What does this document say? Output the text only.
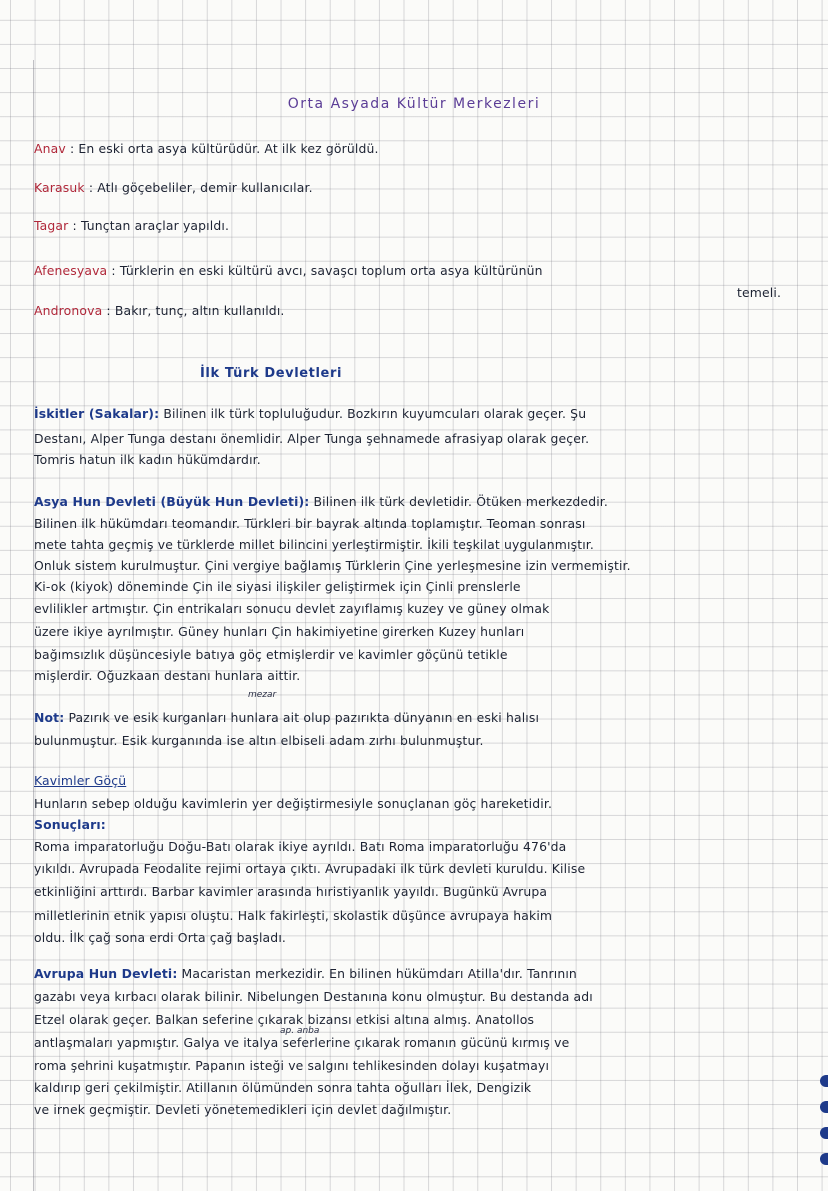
Orta Asyada Kültür Merkezleri
Anav : En eski orta asya kültürüdür. At ilk kez görüldü.
Karasuk : Atlı göçebeliler, demir kullanıcılar.
Tagar : Tunçtan araçlar yapıldı.
Afenesyava : Türklerin en eski kültürü avcı, savaşcı toplum orta asya kültürünün
temeli.
Andronova : Bakır, tunç, altın kullanıldı.
İlk Türk Devletleri
İskitler (Sakalar): Bilinen ilk türk topluluğudur. Bozkırın kuyumcuları olarak geçer. Şu
Destanı, Alper Tunga destanı önemlidir. Alper Tunga şehnamede afrasiyap olarak geçer.
Tomris hatun ilk kadın hükümdardır.
Asya Hun Devleti (Büyük Hun Devleti): Bilinen ilk türk devletidir. Ötüken merkezdedir.
Bilinen ilk hükümdarı teomandır. Türkleri bir bayrak altında toplamıştır. Teoman sonrası
mete tahta geçmiş ve türklerde millet bilincini yerleştirmiştir. İkili teşkilat uygulanmıştır.
Onluk sistem kurulmuştur. Çini vergiye bağlamış Türklerin Çine yerleşmesine izin vermemiştir.
Ki-ok (kiyok) döneminde Çin ile siyasi ilişkiler geliştirmek için Çinli prenslerle
evlilikler artmıştır. Çin entrikaları sonucu devlet zayıflamış kuzey ve güney olmak
üzere ikiye ayrılmıştır. Güney hunları Çin hakimiyetine girerken Kuzey hunları
bağımsızlık düşüncesiyle batıya göç etmişlerdir ve kavimler göçünü tetikle
mişlerdir. Oğuzkaan destanı hunlara aittir.
mezar
Not: Pazırık ve esik kurganları hunlara ait olup pazırıkta dünyanın en eski halısı
bulunmuştur. Esik kurganında ise altın elbiseli adam zırhı bulunmuştur.
Kavimler Göçü
Hunların sebep olduğu kavimlerin yer değiştirmesiyle sonuçlanan göç hareketidir.
Sonuçları:
Roma imparatorluğu Doğu-Batı olarak ikiye ayrıldı. Batı Roma imparatorluğu 476'da
yıkıldı. Avrupada Feodalite rejimi ortaya çıktı. Avrupadaki ilk türk devleti kuruldu. Kilise
etkinliğini arttırdı. Barbar kavimler arasında hıristiyanlık yayıldı. Bugünkü Avrupa
milletlerinin etnik yapısı oluştu. Halk fakirleşti, skolastik düşünce avrupaya hakim
oldu. İlk çağ sona erdi Orta çağ başladı.
Avrupa Hun Devleti: Macaristan merkezidir. En bilinen hükümdarı Atilla'dır. Tanrının
gazabı veya kırbacı olarak bilinir. Nibelungen Destanına konu olmuştur. Bu destanda adı
Etzel olarak geçer. Balkan seferine çıkarak bizansı etkisi altına almış. Anatollos
ap. anba
antlaşmaları yapmıştır. Galya ve italya seferlerine çıkarak romanın gücünü kırmış ve
roma şehrini kuşatmıştır. Papanın isteği ve salgını tehlikesinden dolayı kuşatmayı
kaldırıp geri çekilmiştir. Atillanın ölümünden sonra tahta oğulları İlek, Dengizik
ve irnek geçmiştir. Devleti yönetemedikleri için devlet dağılmıştır.
